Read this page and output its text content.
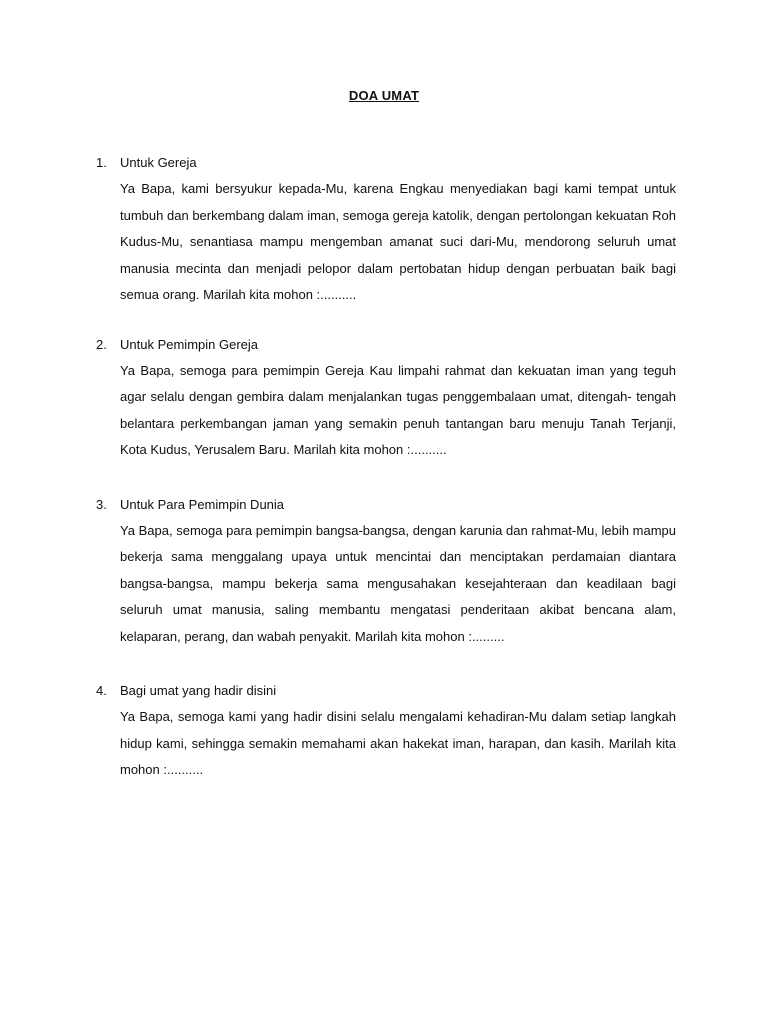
DOA UMAT
1.	Untuk Gereja
Ya Bapa, kami bersyukur kepada-Mu, karena Engkau menyediakan bagi kami tempat untuk tumbuh dan berkembang dalam iman, semoga gereja katolik, dengan pertolongan kekuatan Roh Kudus-Mu, senantiasa mampu mengemban amanat suci dari-Mu, mendorong seluruh umat manusia mecinta dan menjadi pelopor dalam pertobatan hidup dengan perbuatan baik bagi semua orang. Marilah kita mohon :..........
2.	Untuk Pemimpin Gereja
Ya Bapa, semoga para pemimpin Gereja Kau limpahi rahmat dan kekuatan iman yang teguh agar selalu dengan gembira dalam menjalankan tugas penggembalaan umat, ditengah- tengah belantara perkembangan jaman yang semakin penuh tantangan baru menuju Tanah Terjanji, Kota Kudus, Yerusalem Baru. Marilah kita mohon :..........
3.	Untuk Para Pemimpin Dunia
Ya Bapa, semoga para pemimpin bangsa-bangsa, dengan karunia dan rahmat-Mu, lebih mampu bekerja sama menggalang upaya untuk mencintai dan menciptakan perdamaian diantara bangsa-bangsa, mampu bekerja sama mengusahakan kesejahteraan dan keadilaan bagi seluruh umat manusia, saling membantu mengatasi penderitaan akibat bencana alam, kelaparan, perang, dan wabah penyakit. Marilah kita mohon :.........
4.	Bagi umat yang hadir disini
Ya Bapa, semoga kami yang hadir disini selalu mengalami kehadiran-Mu dalam setiap langkah hidup kami, sehingga semakin memahami akan hakekat iman, harapan, dan kasih. Marilah kita mohon :..........
